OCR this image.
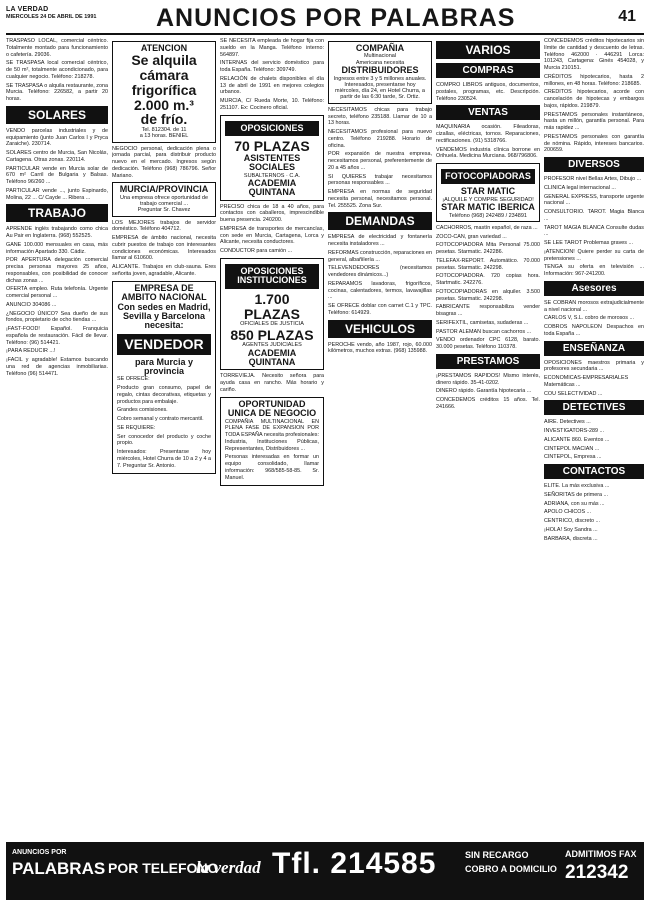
LA VERDAD
MIERCOLES 24 DE ABRIL DE 1991 ANUNCIOS POR PALABRAS	41
TRASPASO LOCAL, comercial céntrico. Totalmente montado para funcionamiento o cafetería. 29036.
SE TRASPASA local comercial céntrico, de 50 m², totalmente acondicionado, para cualquier negocio. Teléfono: 218278.
SE TRASPASA o alquila restaurante, zona Murcia. Teléfono: 226582, a partir 20 horas.
SOLARES
VENDO parcelas industriales y de equipamiento (junto Juan Carlos I y Pryca Zaraiche). 230714.
SOLARES centro de Murcia, San Nicolás, Cartagena. Otras zonas. 220114.
PARTICULAR vende en Murcia solar de 670 m² Carril de Bulgaria y Balsas. Teléfono 96/260 ...
PARTICULAR vende ..., junto Espinardo, Molina, 22 ... C/ Cayde ... Ribera ...
TRABAJO
APRENDE inglés trabajando como chica Au Pair en Inglaterra. (968) 552525.
GANE 100.000 mensuales en casa, más información Apartado 330. Cádiz.
POR APERTURA delegación comercial precisa personas mayores 25 años, responsables, con posibilidad de conocer dichas zonas ...
OFERTA empleo. Ruta telefonía. Urgente comercial personal ...
ANUNCIO 304086 ...
¿NEGOCIO ÚNICO? Sea dueño de sus fondos, propietario de ocho tiendas ...
¡FAST-FOOD! Español. Franquicia española de restauración. Fácil de llevar. Teléfono: (96) 514421.
¡PARA REDUCIR ...!
¡FACIL y agradable! Estamos buscando una red de agencias inmobiliarias. Teléfono (96) 514471.
ATENCION
Se alquila
cámara
frigorífica
2.000 m.³
de frío.
Tel. 812304. de 11
a 13 horas. BENIEL
NEGOCIO personal, dedicación plena o jornada parcial, para distribuir producto nuevo en el mercado. Ingresos según dedicación. Teléfono (968) 786796. Señor Mariano.
MURCIA/PROVINCIA
Una empresa ofrece oportunidad de trabajo comercial ...
Preguntar Sr. Chavez
LOS MEJORES trabajos de servidor doméstico. Teléfono 404712.
EMPRESA de ámbito nacional, necesita cubrir puestos de trabajo con interesantes condiciones económicas. Interesados llamar al 610600.
ALICANTE. Trabajos en club-sauna. Eres señorita joven, agradable, Alicante.
EMPRESA DE AMBITO NACIONAL Con sedes en Madrid, Sevilla y Barcelona necesita:
VENDEDOR
para Murcia y provincia
SE OFRECE:
Producto gran consumo, papel de regalo, cintas decorativas, etiquetas y productos para embalaje.
Grandes comisiones.
Cobro semanal y contrato mercantil.
SE REQUIERE:
Ser conocedor del producto y coche propio.
Interesados: Presentarse hoy miércoles, Hotel Churra de 10 a 2 y 4 a 7. Preguntar Sr. Antonio.
SE NECESITA empleada de hogar fija con sueldo en la Manga. Teléfono interno: 564897.
INTERNAS del servicio doméstico para toda España. Teléfono: 309749.
RELACIÓN de chalets disponibles el día 13 de abril de 1991 en mejores colegios urbanos.
MURCIA, C/ Rueda Morte, 10. Teléfono: 251107. Ex: Cocinero oficial.
OPOSICIONES
70 PLAZAS
ASISTENTES SOCIALES
SUBALTERNOS · C.A.
ACADEMIA QUINTANA
PRECISO chica de 18 a 40 años, para contactos con caballeros, imprescindible buena presencia. 240200.
EMPRESA de transportes de mercancías, con sede en Murcia, Cartagena, Lorca y Alicante, necesita conductores.
CONDUCTOR para camión ...
OPOSICIONES INSTITUCIONES
1.700 PLAZAS
OFICIALES DE JUSTICIA
850 PLAZAS
AGENTES JUDICIALES
ACADEMIA QUINTANA
TORREVIEJA. Necesito señora para ayuda casa en rancho. Más horario y cariño.
OPORTUNIDAD UNICA DE NEGOCIO
COMPAÑIA MULTINACIONAL EN PLENA FASE DE EXPANSION POR TODA ESPAÑA necesita profesionales: Industria, Instituciones Públicas, Representantes, Distribuidores ...
Personas interesadas en formar un equipo consolidado, llamar información: 968/585-58-85. Sr. Manuel.
COMPAÑIA
Multinacional
Americana necesita
DISTRIBUIDORES
Ingresos entre 3 y 5 millones anuales.
Interesados, presentarse hoy miércoles, día 24, en Hotel Churra, a partir de las 6:30 tarde, Sr. Ortiz.
NECESITAMOS chicas para trabajo secreto, teléfono 235188. Llamar de 10 a 13 horas.
NECESITAMOS profesional para nuevo centro. Teléfono 219288. Horario de oficina.
POR expansión de nuestra empresa, necesitamos personal, preferentemente de 20 a 45 años ...
SI QUIERES trabajar necesitamos personas responsables ...
EMPRESA en normas de seguridad necesita personal, necesitamos personal. Tel. 255525. Zona Sur.
DEMANDAS
EMPRESA de electricidad y fontanería necesita instaladores ...
REFORMAS construcción, reparaciones en general, albañilería ...
TELEVENDEDORES (necesitamos vendedores dinámicos...)
REPARAMOS lavadoras, frigoríficos, cocinas, calentadores, termos, lavavajillas ...
SE OFRECE doblar con carnet C.1 y TPC. Teléfono: 614929.
VEHICULOS
PEROCHE vendo, año 1987, rojo, 60.000 kilómetros, muchos extras. (968) 135988.
VARIOS
COMPRAS
COMPRO LIBROS antiguos, documentos, postales, programas, etc. Descripción. Teléfono 230524.
VENTAS
MAQUINARIA ocasión. Fileadoras, cizallas, eléctricas, tornos. Reparaciones, rectificaciones. (91) 5318766.
VENDEMOS industria clínica borrone en Orihuela. Medicina Murciana. 968/796806.
FOTOCOPIADORAS
STAR MATIC
¡ALQUILE Y COMPRE SEGURIDAD!
STAR MATIC IBERICA
Teléfono (968) 242489 / 234891
CACHORROS, mastín español, de raza ...
ZOCO-CAN, gran variedad ...
FOTOCOPIADORA Mita Personal 75.000 pesetas. Starmatic. 242286.
TELEFAX-REPORT. Automático. 70.000 pesetas. Starmatic. 242298.
FOTOCOPIADORA. 720 copias hora. Startmatic. 242276.
FOTOCOPIADORAS en alquiler. 3.500 pesetas. Starmatic. 242298.
FABRICANTE responsabiliza vender bisagras ...
SERIFEXTIL, camisetas, sudaderas ...
PASTOR ALEMAN buscan cachorros ...
VENDO ordenador CPC 6128, barato. 30.000 pesetas. Teléfono 110378.
PRESTAMOS
¡PRESTAMOS RAPIDOS! Mismo interés, dinero rápido. 35-41-0202.
DINERO rápido. Garantía hipotecaria ...
CONCEDEMOS créditos 15 años. Tel. 241666.
CONCEDEMOS créditos hipotecarios sin límite de cantidad y descuento de letras. Teléfono 462000 · 446291 Lorca: 101243, Cartagena: Ginés 454028, y Murcia 210151.
CRÉDITOS hipotecarios, hasta 2 millones, en 48 horas. Teléfono: 218685.
CREDITOS hipotecarios, acorde con cancelación de hipotecas y embargos bajos, rápidos. 219879.
PRESTAMOS personales instantáneos, hasta un millón, garantía personal. Para más rapidez ...
PRESTAMOS personales con garantía de nómina. Rápido, intereses bancarios. 200659.
DIVERSOS
PROFESOR nivel Bellas Artes, Dibujo ...
CLINICA legal internacional ...
GENERAL EXPRESS, transporte urgente nacional ...
CONSULTORIO. TAROT. Magia Blanca ...
TAROT MAGIA BLANCA Consulte dudas ...
SE LEE TAROT Problemas graves ...
¡ATENCION! Quiere perder su carta de pretensiones ...
TENGA su oferta en televisión ... Información: 967-241200.
Asesores
SE COBRAN morosos extrajudicialmente a nivel nacional ...
CARLOS V, S.L. cobro de morosos ...
COBROS NAPOLEON Despachos en toda España ...
ENSEÑANZA
OPOSICIONES maestros primaria y profesores secundaria ...
ECONOMICAS-EMPRESARIALES Matemáticas ...
COU SELECTIVIDAD ...
DETECTIVES
AIRE. Detectives ...
INVESTIGATORS-289 ...
ALICANTE 860. Eventos ...
CINTEPOL MACIAN ...
CINTEPOL, Empresa ...
CONTACTOS
ELITE. La más exclusiva ...
SEÑORITAS de primera ...
ADRIANA, con su más ...
APOLO CHICOS ...
CENTRICO, discreto ...
¡HOLA! Soy Sandra ...
BARBARA, discreta ...
ANUNCIOS POR
PALABRAS POR TELEFONO
la verdad Tfl. 214585	SIN RECARGO
COBRO A DOMICILIO
ADMITIMOS FAX
212342
